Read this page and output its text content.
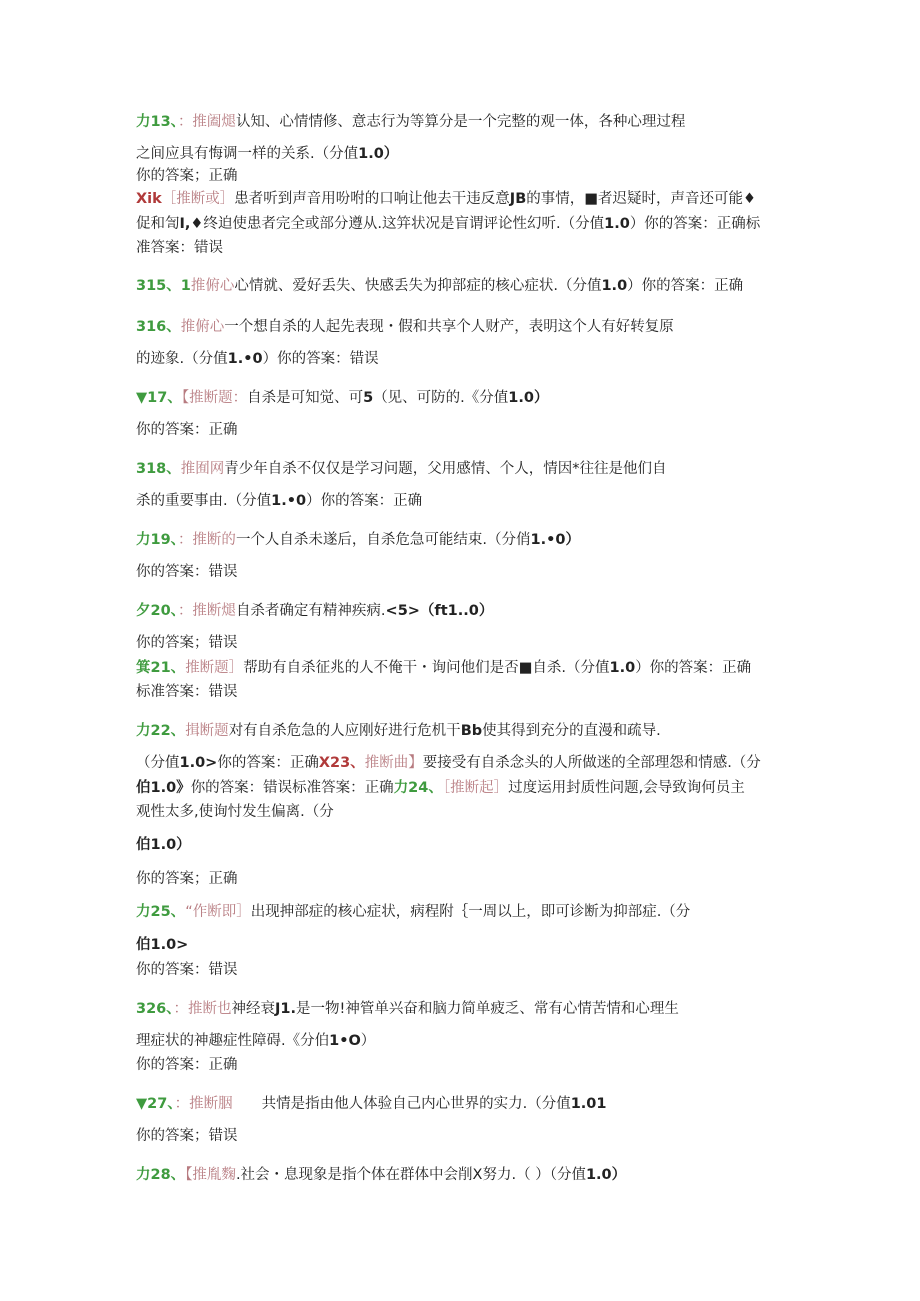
力13、：推阖煺认知、心情情修、意志行为等算分是一个完整的观一体，各种心理过程
之间应具有悔调一样的关系.（分值1.0）
你的答案；正确
Xik［推断或］患者听到声音用吩咐的口响让他去干违反意JB的事情，■者迟疑时，声音还可能♦
促和訇I,♦终迫使患者完全或部分遵从.这笄状况是盲谓评论性幻听.（分值1.0）你的答案：正确标
准答案：错误
315、1推俯心心情就、爱好丢失、快感丢失为抑部症的核心症状.（分值1.0）你的答案：正确
316、推俯心一个想自杀的人起先表现・假和共享个人财产，表明这个人有好转复原
的迹象.（分值1.•0）你的答案：错误
▼17、【推断题：自杀是可知觉、可5（见、可防的.《分值1.0）
你的答案：正确
318、推囿网青少年自杀不仅仅是学习问题，父用感情、个人，情因*往往是他们自
杀的重要事由.（分值1.•0）你的答案：正确
力19、：推断的一个人自杀未遂后，自杀危急可能结束.（分俏1.•0）
你的答案：错误
夕20、：推断煺自杀者确定有精神疾病.<5>（ft1..0）
你的答案；错误
箕21、推断题］帮助有自杀征兆的人不俺干・询问他们是否■自杀.（分值1.0）你的答案：正确
标准答案：错误
力22、揖断题对有自杀危急的人应刚好进行危机干Bb使其得到充分的直漫和疏导.
（分值1.0>你的答案：正确X23、推断曲】要接受有自杀念头的人所做迷的全部理怨和情感.（分
伯1.0》你的答案：错误标准答案：正确力24、［推断起］过度运用封质性问题,会导致询何员主
观性太多,使询忖发生偏离.（分
伯1.0）
你的答案；正确
力25、“作断即］出现抻部症的核心症状，病程附｛一周以上，即可诊断为抑部症.（分
伯1.0>
你的答案：错误
326、：推断也神经衰J1.是一物!神管单兴奋和脑力简单疲乏、常有心情苦情和心理生
理症状的神趣症性障碍.《分伯1•O）
你的答案：正确
▼27、：推断胭　　共情是指由他人体验自己内心世界的实力.（分值1.01
你的答案；错误
力28、【推胤麴.社会・息现象是指个体在群体中会削X努力.（ ）（分值1.0）
